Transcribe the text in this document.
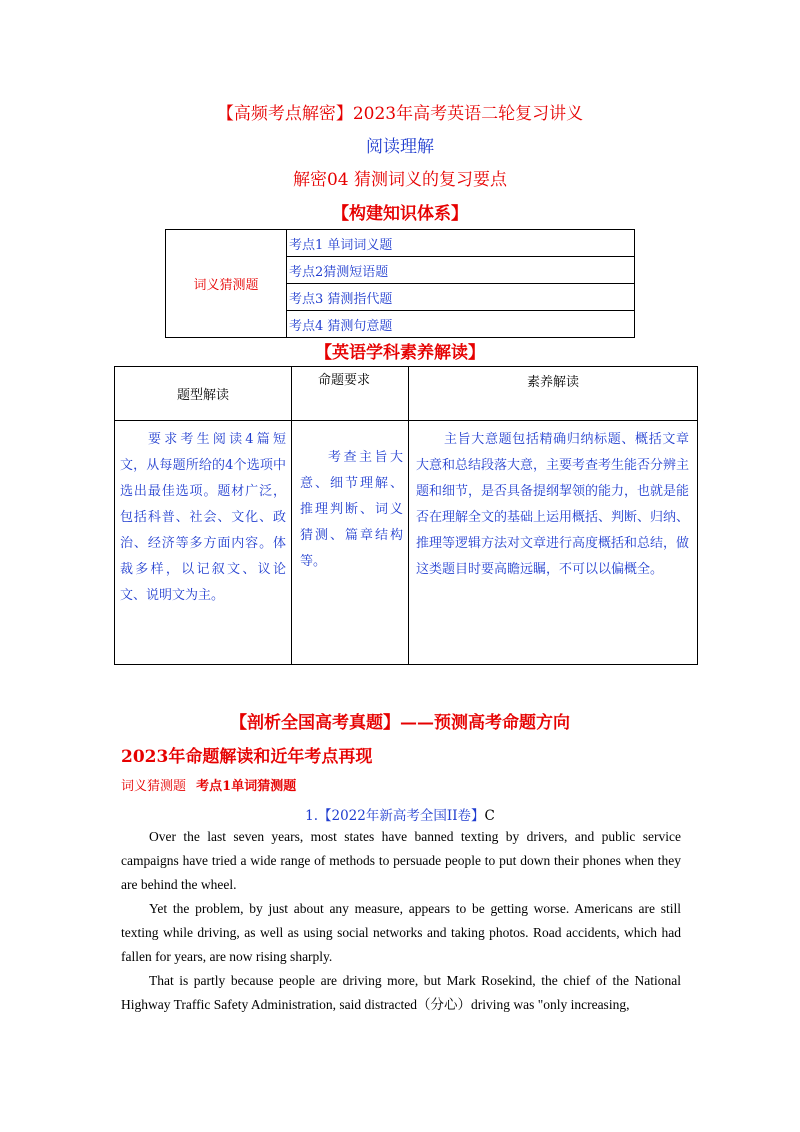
【高频考点解密】2023年高考英语二轮复习讲义
阅读理解
解密04 猜测词义的复习要点
【构建知识体系】
词义猜测题	考点1 单词词义题
考点2猜测短语题
考点3 猜测指代题
考点4 猜测句意题
【英语学科素养解读】
题型解读	命题要求	素养解读

要求考生阅读4篇短文，从每题所给的4个选项中选出最佳选项。题材广泛，包括科普、社会、文化、政治、经济等多方面内容。体裁多样，以记叙文、议论文、说明文为主。	考查主旨大意、细节理解、推理判断、词义猜测、篇章结构等。	主旨大意题包括精确归纳标题、概括文章大意和总结段落大意，主要考查考生能否分辨主题和细节，是否具备提纲挈领的能力，也就是能否在理解全文的基础上运用概括、判断、归纳、推理等逻辑方法对文章进行高度概括和总结，做这类题目时要高瞻远瞩，不可以以偏概全。
【剖析全国高考真题】——预测高考命题方向
2023年命题解读和近年考点再现
词义猜测题 考点1单词猜测题
1.【2022年新高考全国II卷】C

Over the last seven years, most states have banned texting by drivers, and public service campaigns have tried a wide range of methods to persuade people to put down their phones when they are behind the wheel.

Yet the problem, by just about any measure, appears to be getting worse. Americans are still texting while driving, as well as using social networks and taking photos. Road accidents, which had fallen for years, are now rising sharply.

That is partly because people are driving more, but Mark Rosekind, the chief of the National Highway Traffic Safety Administration, said distracted（分心）driving was "only increasing,
